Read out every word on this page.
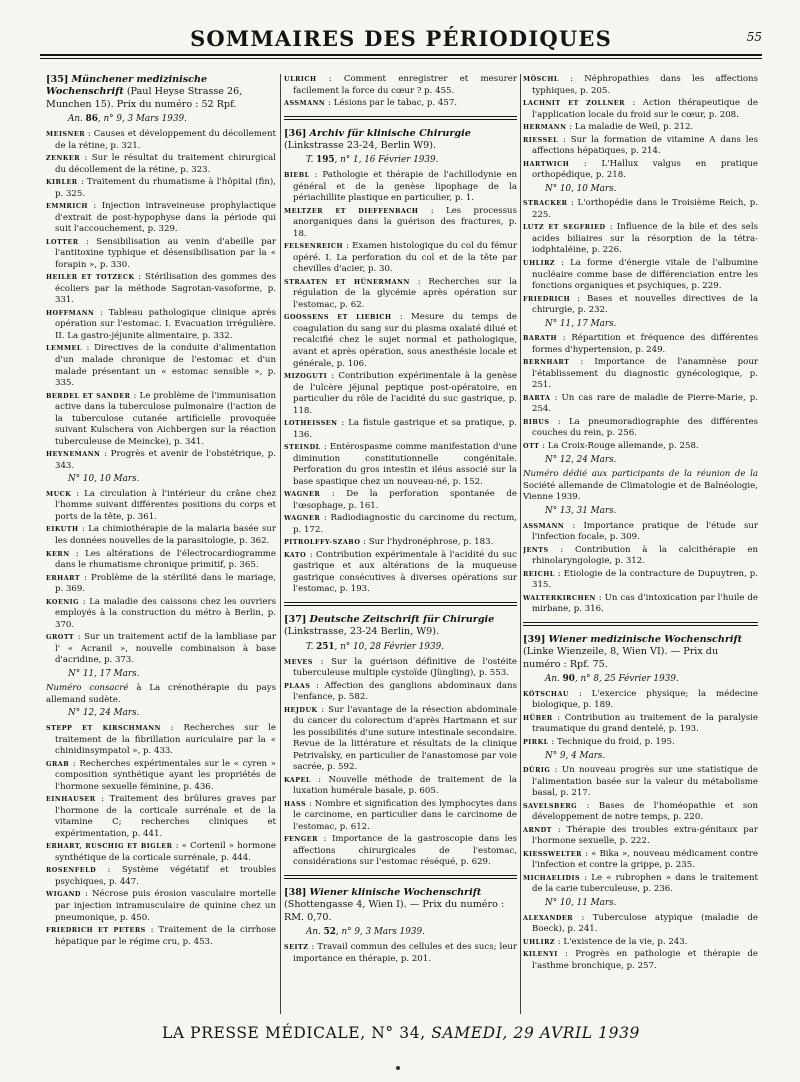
SOMMAIRES DES PÉRIODIQUES	55

[35] Münchener medizinische Wochenschrift (Paul Heyse Strasse 26, Munchen 15). Prix du numéro : 52 Rpf.

An. 86, n° 9, 3 Mars 1939.

MEISNER : Causes et développement du décollement de la rétine, p. 321.

ZENKER : Sur le résultat du traitement chirurgical du décollement de la rétine, p. 323.

KIBLER : Traitement du rhumatisme à l'hôpital (fin), p. 325.

EMMRICH : Injection intraveineuse prophylactique d'extrait de post-hypophyse dans la période qui suit l'accouchement, p. 329.

LOTTER : Sensibilisation au venin d'abeille par l'antitoxine typhique et désensibilisation par la « forapin », p. 330.

HEILER ET TOTZECK : Stérilisation des gommes des écoliers par la méthode Sagrotan-vasoforme, p. 331.

HOFFMANN : Tableau pathologique clinique après opération sur l'estomac. I. Evacuation irrégulière. II. La gastro-jéjunite alimentaire, p. 332.

LEMMEL : Directives de la conduite d'alimentation d'un malade chronique de l'estomac et d'un malade présentant un « estomac sensible », p. 335.

BERDEL ET SANDER : Le problème de l'immunisation active dans la tuberculose pulmonaire (l'action de la tuberculose cutanée artificielle provoquée suivant Kulschera von Aichbergen sur la réaction tuberculeuse de Meincke), p. 341.

HEYNEMANN : Progrès et avenir de l'obstétrique, p. 343.

N° 10, 10 Mars.

MUCK : La circulation à l'intérieur du crâne chez l'homme suivant différentes positions du corps et ports de la tête, p. 361.

EIKUTH : La chimiothérapie de la malaria basée sur les données nouvelles de la parasitologie, p. 362.

KERN : Les altérations de l'électrocardiogramme dans le rhumatisme chronique primitif, p. 365.

ERHART : Problème de la stérilité dans le mariage, p. 369.

KOENIG : La maladie des caissons chez les ouvriers employés à la construction du métro à Berlin, p. 370.

GROTT : Sur un traitement actif de la lambliase par l' « Acranil », nouvelle combinaison à base d'acridine, p. 373.

N° 11, 17 Mars.

Numéro consacré à La crénothérapie du pays allemand sudète.

N° 12, 24 Mars.

STEPP ET KIRSCHMANN : Recherches sur le traitement de la fibrillation auriculaire par la « chinidinsympatol », p. 433.

GRAB : Recherches expérimentales sur le « cyren » composition synthétique ayant les propriétés de l'hormone sexuelle féminine, p. 436.

EINHAUSER : Traitement des brûlures graves par l'hormone de la corticale surrénale et de la vitamine C; recherches cliniques et expérimentation, p. 441.

ERHART, RUSCHIG ET BIGLER : « Cortenil » hormone synthétique de la corticale surrénale, p. 444.

ROSENFELD : Système végétatif et troubles psychiques, p. 447.

WIGAND : Nécrose puis érosion vasculaire mortelle par injection intramusculaire de quinine chez un pneumonique, p. 450.

FRIEDRICH ET PETERS : Traitement de la cirrhose hépatique par le régime cru, p. 453.

ULRICH : Comment enregistrer et mesurer facilement la force du cœur ? p. 455.

ASSMANN : Lésions par le tabac, p. 457.

[36] Archiv für klinische Chirurgie (Linkstrasse 23-24, Berlin W9).

T. 195, n° 1, 16 Février 1939.

BIEBL : Pathologie et thérapie de l'achillodynie en général et de la genèse lipophage de la périachillite plastique en particulier, p. 1.

MELTZER ET DIEFFENBACH : Les processus anorganiques dans la guérison des fractures, p. 18.

FELSENREICH : Examen histologique du col du fémur opéré. I. La perforation du col et de la tête par chevilles d'acier, p. 30.

STRAATEN ET HÜNERMANN : Recherches sur la régulation de la glycémie après opération sur l'estomac, p. 62.

GOOSSENS ET LIEBICH : Mesure du temps de coagulation du sang sur du plasma oxalaté dilué et recalcifié chez le sujet normal et pathologique, avant et après opération, sous anesthésie locale et générale, p. 106.

MIZOGUTI : Contribution expérimentale à la genèse de l'ulcère jéjunal peptique post-opératoire, en particulier du rôle de l'acidité du suc gastrique, p. 118.

LOTHEISSEN : La fistule gastrique et sa pratique, p. 136.

STEINDL : Entérospasme comme manifestation d'une diminution constitutionnelle congénitale. Perforation du gros intestin et iléus associé sur la base spastique chez un nouveau-né, p. 152.

WAGNER : De la perforation spontanée de l'œsophage, p. 161.

WAGNER : Radiodiagnostic du carcinome du rectum, p. 172.

PITROLFFY-SZABO : Sur l'hydronéphrose, p. 183.

KATO : Contribution expérimentale à l'acidité du suc gastrique et aux altérations de la muqueuse gastrique consécutives à diverses opérations sur l'estomac, p. 193.

[37] Deutsche Zeitschrift für Chirurgie (Linkstrasse, 23-24 Berlin, W9).

T. 251, n° 10, 28 Février 1939.

MEVES : Sur la guérison définitive de l'ostéite tuberculeuse multiple cystoïde (Jüngling), p. 553.

PLAAS : Affection des ganglions abdominaux dans l'enfance, p. 582.

HEJDUK : Sur l'avantage de la résection abdominale du cancer du colorectum d'après Hartmann et sur les possibilités d'une suture intestinale secondaire. Revue de la littérature et résultats de la clinique Petrivalsky, en particulier de l'anastomose par voie sacrée, p. 592.

KAPEL : Nouvelle méthode de traitement de la luxation humérale basale, p. 605.

HASS : Nombre et signification des lymphocytes dans le carcinome, en particulier dans le carcinome de l'estomac, p. 612.

FENGER : Importance de la gastroscopie dans les affections chirurgicales de l'estomac, considérations sur l'estomac réséqué, p. 629.

[38] Wiener klinische Wochenschrift (Shottengasse 4, Wien I). — Prix du numéro : RM. 0,70.

An. 52, n° 9, 3 Mars 1939.

SEITZ : Travail commun des cellules et des sucs; leur importance en thérapie, p. 201.

MÖSCHL : Néphropathies dans les affections typhiques, p. 205.

LACHNIT ET ZOLLNER : Action thérapeutique de l'application locale du froid sur le cœur, p. 208.

HERMANN : La maladie de Weil, p. 212.

RIESSEL : Sur la formation de vitamine A dans les affections hépatiques, p. 214.

HARTWICH : L'Hallux valgus en pratique orthopédique, p. 218.

N° 10, 10 Mars.

STRACKER : L'orthopédie dans le Troisième Reich, p. 225.

LUTZ ET SEGFRIED : Influence de la bile et des sels acides biliaires sur la résorption de la tétra-iodphtaléine, p. 226.

UHLIRZ : La forme d'énergie vitale de l'albumine nucléaire comme base de différenciation entre les fonctions organiques et psychiques, p. 229.

FRIEDRICH : Bases et nouvelles directives de la chirurgie, p. 232.

N° 11, 17 Mars.

BARATH : Répartition et fréquence des différentes formes d'hypertension, p. 249.

BERNHART : Importance de l'anamnèse pour l'établissement du diagnostic gynécologique, p. 251.

BARTA : Un cas rare de maladie de Pierre-Marie, p. 254.

BIBUS : La pneumoradiographie des différentes couches du rein, p. 256.

OTT : La Croix-Rouge allemande, p. 258.

N° 12, 24 Mars.

Numéro dédié aux participants de la réunion de la Société allemande de Climatologie et de Balnéologie, Vienne 1939.

N° 13, 31 Mars.

ASSMANN : Importance pratique de l'étude sur l'infection focale, p. 309.

JENTS : Contribution à la calcithérapie en rhinolaryngologie, p. 312.

REICHL : Etiologie de la contracture de Dupuytren, p. 315.

WALTERKIRCHEN : Un cas d'intoxication par l'huile de mirbane, p. 316.

[39] Wiener medizinische Wochenschrift (Linke Wienzeile, 8, Wien VI). — Prix du numéro : Rpf. 75.

An. 90, n° 8, 25 Février 1939.

KÖTSCHAU : L'exercice physique; la médecine biologique, p. 189.

HÜBER : Contribution au traitement de la paralysie traumatique du grand dentelé, p. 193.

PIRKL : Technique du froid, p. 195.

N° 9, 4 Mars.

DÜRIG : Un nouveau progrès sur une statistique de l'alimentation basée sur la valeur du métabolisme basal, p. 217.

SAVELSBERG : Bases de l'homéopathie et son développement de notre temps, p. 220.

ARNDT : Thérapie des troubles extra-génitaux par l'hormone sexuelle, p. 222.

KIESSWELTER : « Bika », nouveau médicament contre l'infection et contre la grippe, p. 235.

MICHAELIDIS : Le « rubrophen » dans le traitement de la carie tuberculeuse, p. 236.

N° 10, 11 Mars.

ALEXANDER : Tuberculose atypique (maladie de Boeck), p. 241.

UHLIRZ : L'existence de la vie, p. 243.

KILENYI : Progrès en pathologie et thérapie de l'asthme bronchique, p. 257.

LA PRESSE MÉDICALE, N° 34, SAMEDI, 29 AVRIL 1939
